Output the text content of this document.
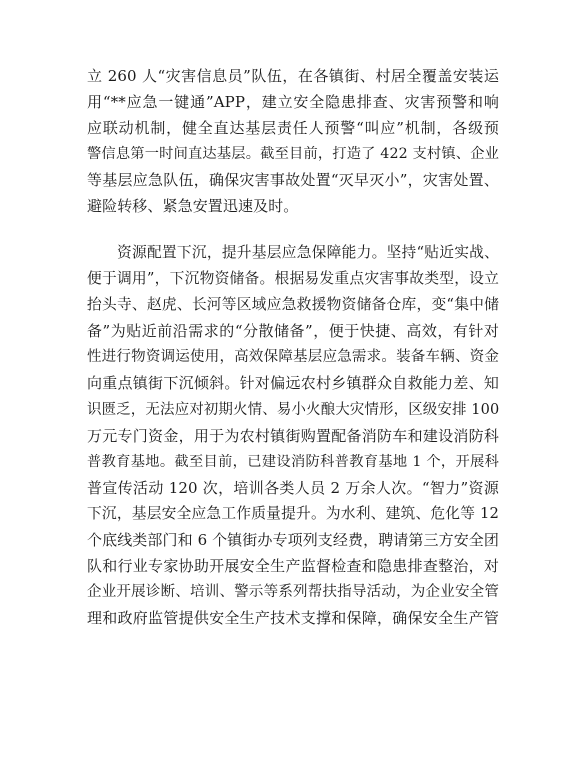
立 260 人“灾害信息员”队伍，在各镇街、村居全覆盖安装运
用“**应急一键通”APP，建立安全隐患排查、灾害预警和响
应联动机制，健全直达基层责任人预警“叫应”机制，各级预
警信息第一时间直达基层。截至目前，打造了 422 支村镇、企业
等基层应急队伍，确保灾害事故处置“灭早灭小”，灾害处置、
避险转移、紧急安置迅速及时。
资源配置下沉，提升基层应急保障能力。坚持“贴近实战、
便于调用”，下沉物资储备。根据易发重点灾害事故类型，设立
抬头寺、赵虎、长河等区域应急救援物资储备仓库，变“集中储
备”为贴近前沿需求的“分散储备”，便于快捷、高效，有针对
性进行物资调运使用，高效保障基层应急需求。装备车辆、资金
向重点镇街下沉倾斜。针对偏远农村乡镇群众自救能力差、知
识匮乏，无法应对初期火情、易小火酿大灾情形，区级安排 100
万元专门资金，用于为农村镇街购置配备消防车和建设消防科
普教育基地。截至目前，已建设消防科普教育基地 1 个，开展科
普宣传活动 120 次，培训各类人员 2 万余人次。“智力”资源
下沉，基层安全应急工作质量提升。为水利、建筑、危化等 12
个底线类部门和 6 个镇街办专项列支经费，聘请第三方安全团
队和行业专家协助开展安全生产监督检查和隐患排查整治，对
企业开展诊断、培训、警示等系列帮扶指导活动，为企业安全管
理和政府监管提供安全生产技术支撑和保障，确保安全生产管
